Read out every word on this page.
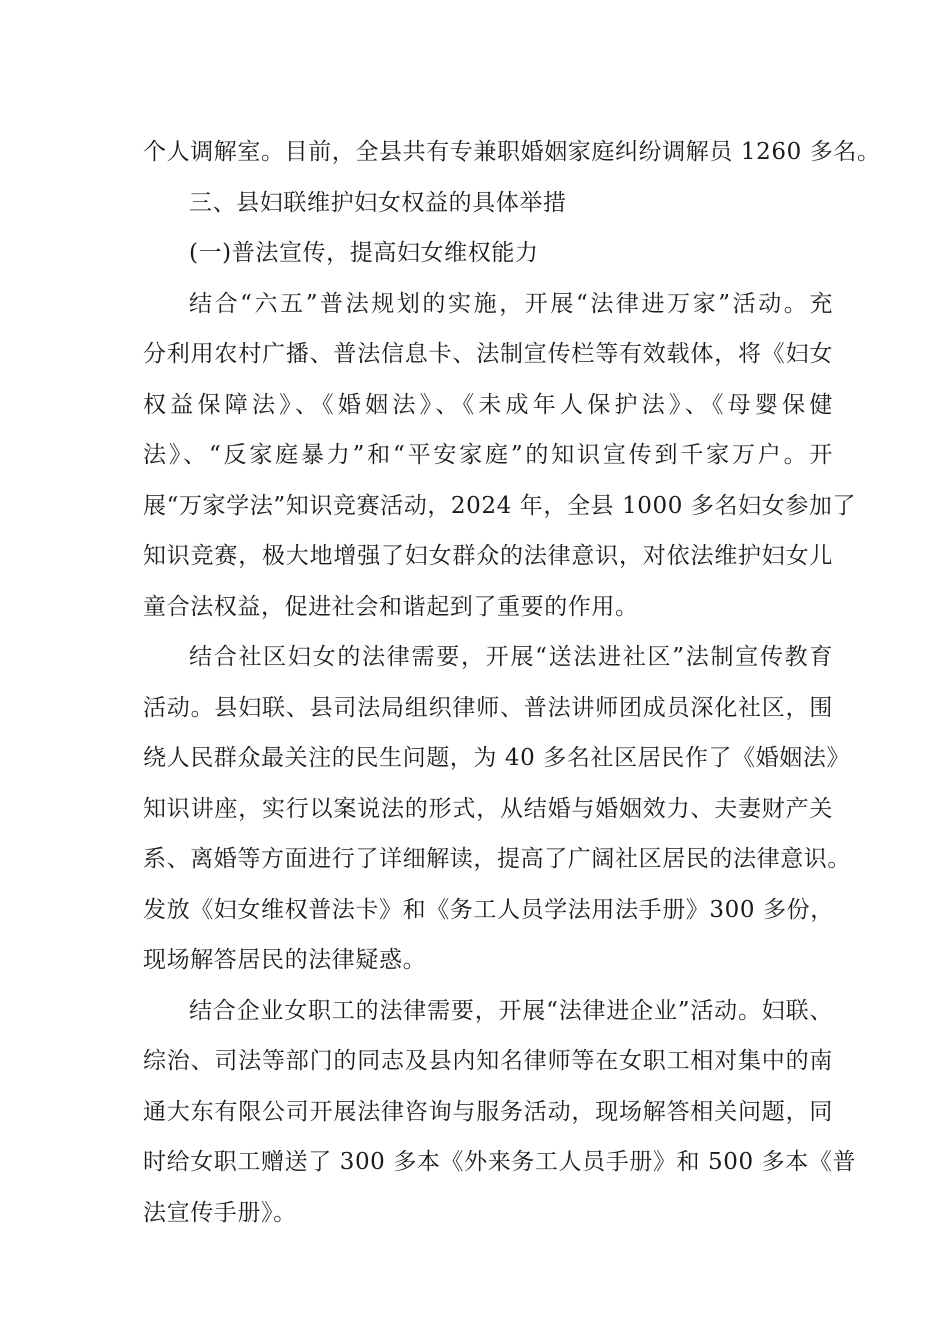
个人调解室。目前，全县共有专兼职婚姻家庭纠纷调解员 1260 多名。
三、县妇联维护妇女权益的具体举措
(一)普法宣传，提高妇女维权能力
结合“六五”普法规划的实施，开展“法律进万家”活动。充
分利用农村广播、普法信息卡、法制宣传栏等有效载体，将《妇女
权益保障法》、《婚姻法》、《未成年人保护法》、《母婴保健
法》、“反家庭暴力”和“平安家庭”的知识宣传到千家万户。开
展“万家学法”知识竞赛活动，2024 年，全县 1000 多名妇女参加了
知识竞赛，极大地增强了妇女群众的法律意识，对依法维护妇女儿
童合法权益，促进社会和谐起到了重要的作用。
结合社区妇女的法律需要，开展“送法进社区”法制宣传教育
活动。县妇联、县司法局组织律师、普法讲师团成员深化社区，围
绕人民群众最关注的民生问题，为 40 多名社区居民作了《婚姻法》
知识讲座，实行以案说法的形式，从结婚与婚姻效力、夫妻财产关
系、离婚等方面进行了详细解读，提高了广阔社区居民的法律意识。
发放《妇女维权普法卡》和《务工人员学法用法手册》300 多份，
现场解答居民的法律疑惑。
结合企业女职工的法律需要，开展“法律进企业”活动。妇联、
综治、司法等部门的同志及县内知名律师等在女职工相对集中的南
通大东有限公司开展法律咨询与服务活动，现场解答相关问题，同
时给女职工赠送了 300 多本《外来务工人员手册》和 500 多本《普
法宣传手册》。
